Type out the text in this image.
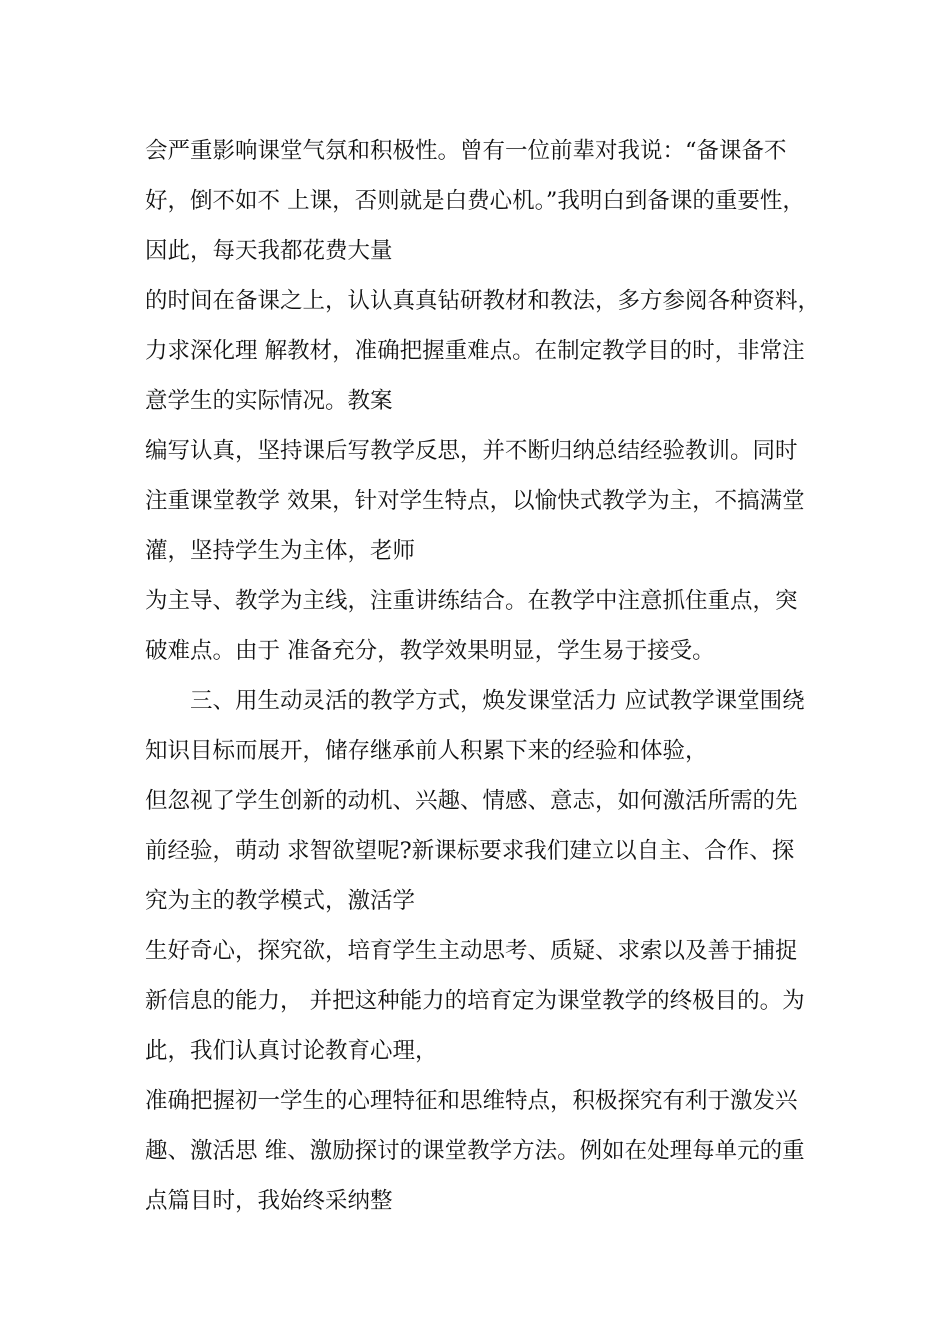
会严重影响课堂气氛和积极性。曾有一位前辈对我说：“备课备不
好，倒不如不 上课，否则就是白费心机。”我明白到备课的重要性，
因此，每天我都花费大量
的时间在备课之上，认认真真钻研教材和教法，多方参阅各种资料，
力求深化理 解教材，准确把握重难点。在制定教学目的时，非常注
意学生的实际情况。教案
编写认真，坚持课后写教学反思，并不断归纳总结经验教训。同时
注重课堂教学 效果，针对学生特点，以愉快式教学为主，不搞满堂
灌，坚持学生为主体，老师
为主导、教学为主线，注重讲练结合。在教学中注意抓住重点，突
破难点。由于 准备充分，教学效果明显，学生易于接受。
三、用生动灵活的教学方式，焕发课堂活力 应试教学课堂围绕
知识目标而展开，储存继承前人积累下来的经验和体验，
但忽视了学生创新的动机、兴趣、情感、意志，如何激活所需的先
前经验，萌动 求智欲望呢?新课标要求我们建立以自主、合作、探
究为主的教学模式，激活学
生好奇心，探究欲，培育学生主动思考、质疑、求索以及善于捕捉
新信息的能力， 并把这种能力的培育定为课堂教学的终极目的。为
此，我们认真讨论教育心理，
准确把握初一学生的心理特征和思维特点，积极探究有利于激发兴
趣、激活思 维、激励探讨的课堂教学方法。例如在处理每单元的重
点篇目时，我始终采纳整
